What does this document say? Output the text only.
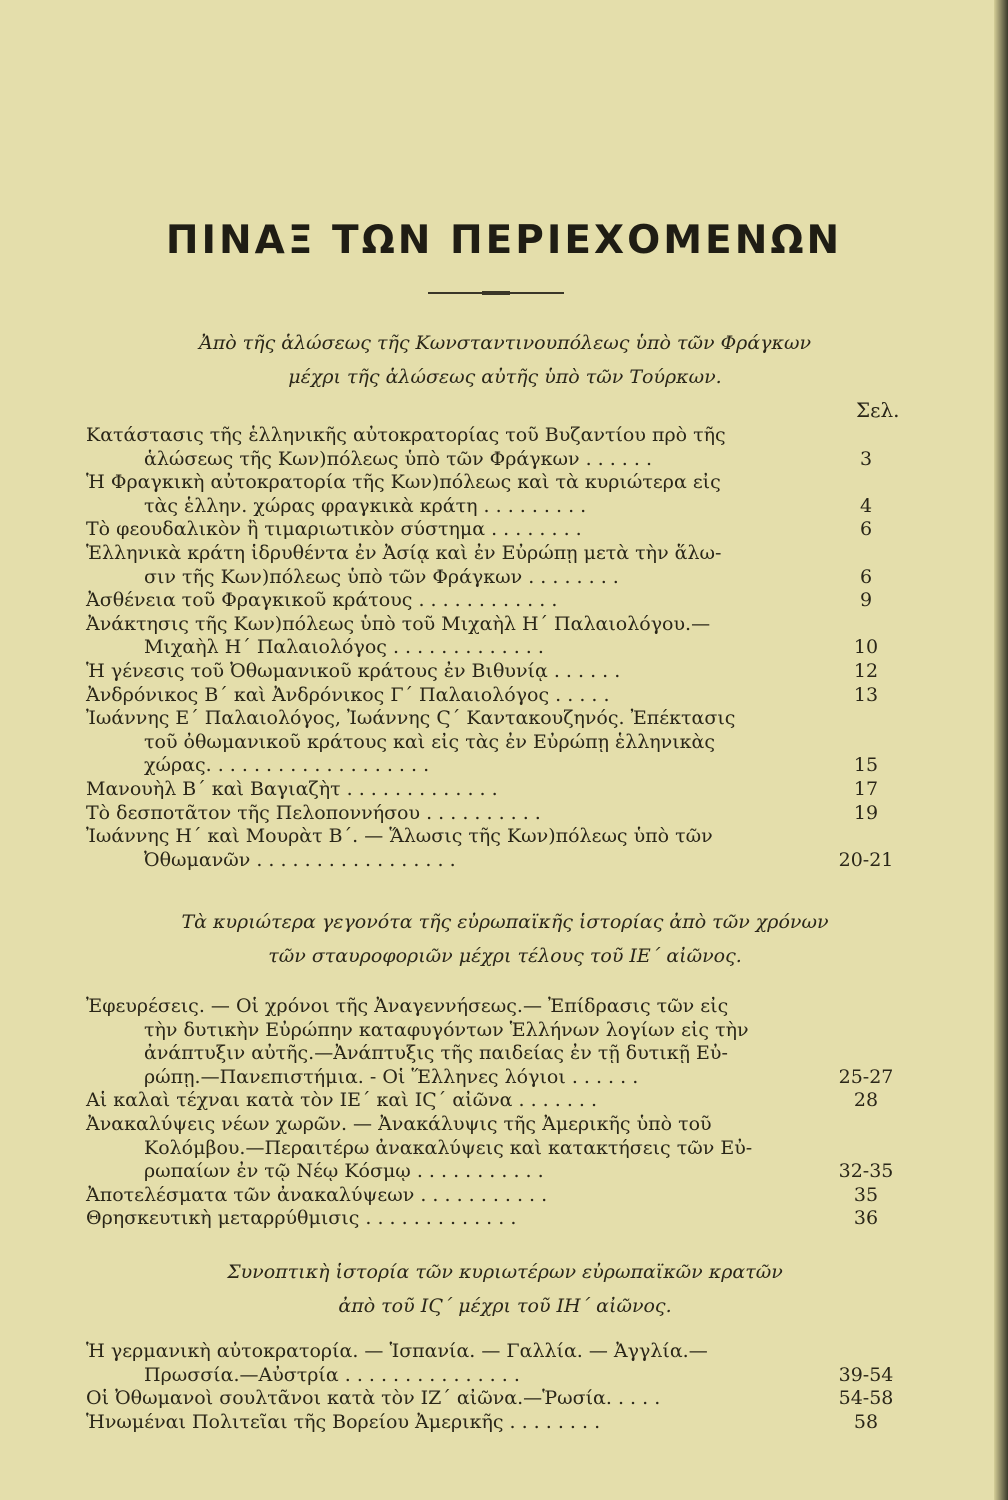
ΠΙΝΑΞ ΤΩΝ ΠΕΡΙΕΧΟΜΕΝΩΝ
Ἀπὸ τῆς ἁλώσεως τῆς Κωνσταντινουπόλεως ὑπὸ τῶν Φράγκων
μέχρι τῆς ἁλώσεως αὐτῆς ὑπὸ τῶν Τούρκων.
Σελ.
Κατάστασις τῆς ἑλληνικῆς αὐτοκρατορίας τοῦ Βυζαντίου πρὸ τῆς
ἁλώσεως τῆς Κων)πόλεως ὑπὸ τῶν Φράγκων . . . . . .	3
Ἡ Φραγκικὴ αὐτοκρατορία τῆς Κων)πόλεως καὶ τὰ κυριώτερα εἰς
τὰς ἑλλην. χώρας φραγκικὰ κράτη . . . . . . . . .	4
Τὸ φεουδαλικὸν ἢ τιμαριωτικὸν σύστημα . . . . . . . .	6
Ἑλληνικὰ κράτη ἱδρυθέντα ἐν Ἀσίᾳ καὶ ἐν Εὐρώπῃ μετὰ τὴν ἅλω-
σιν τῆς Κων)πόλεως ὑπὸ τῶν Φράγκων . . . . . . . .	6
Ἀσθένεια τοῦ Φραγκικοῦ κράτους . . . . . . . . . . . .	9
Ἀνάκτησις τῆς Κων)πόλεως ὑπὸ τοῦ Μιχαὴλ Η΄ Παλαιολόγου.—
Μιχαὴλ Η΄ Παλαιολόγος . . . . . . . . . . . . .	10
Ἡ γένεσις τοῦ Ὀθωμανικοῦ κράτους ἐν Βιθυνίᾳ . . . . . .	12
Ἀνδρόνικος Β΄ καὶ Ἀνδρόνικος Γ΄ Παλαιολόγος . . . . .	13
Ἰωάννης Ε΄ Παλαιολόγος, Ἰωάννης Ϛ΄ Καντακουζηνός. Ἐπέκτασις
τοῦ ὀθωμανικοῦ κράτους καὶ εἰς τὰς ἐν Εὐρώπῃ ἑλληνικὰς
χώρας. . . . . . . . . . . . . . . . . . .	15
Μανουὴλ Β΄ καὶ Βαγιαζὴτ . . . . . . . . . . . . .	17
Τὸ δεσποτᾶτον τῆς Πελοποννήσου . . . . . . . . . .	19
Ἰωάννης Η΄ καὶ Μουρὰτ Β΄. — Ἅλωσις τῆς Κων)πόλεως ὑπὸ τῶν
Ὀθωμανῶν . . . . . . . . . . . . . . . . .	20-21
Τὰ κυριώτερα γεγονότα τῆς εὐρωπαϊκῆς ἱστορίας ἀπὸ τῶν χρόνων
τῶν σταυροφοριῶν μέχρι τέλους τοῦ ΙΕ΄ αἰῶνος.
Ἐφευρέσεις. — Οἱ χρόνοι τῆς Ἀναγεννήσεως.— Ἐπίδρασις τῶν εἰς
τὴν δυτικὴν Εὐρώπην καταφυγόντων Ἑλλήνων λογίων εἰς τὴν
ἀνάπτυξιν αὐτῆς.—Ἀνάπτυξις τῆς παιδείας ἐν τῇ δυτικῇ Εὐ-
ρώπῃ.—Πανεπιστήμια. - Οἱ Ἕλληνες λόγιοι . . . . . .	25-27
Αἱ καλαὶ τέχναι κατὰ τὸν ΙΕ΄ καὶ ΙϚ΄ αἰῶνα . . . . . . .	28
Ἀνακαλύψεις νέων χωρῶν. — Ἀνακάλυψις τῆς Ἀμερικῆς ὑπὸ τοῦ
Κολόμβου.—Περαιτέρω ἀνακαλύψεις καὶ κατακτήσεις τῶν Εὐ-
ρωπαίων ἐν τῷ Νέῳ Κόσμῳ . . . . . . . . . . .	32-35
Ἀποτελέσματα τῶν ἀνακαλύψεων . . . . . . . . . . .	35
Θρησκευτικὴ μεταρρύθμισις . . . . . . . . . . . . .	36
Συνοπτικὴ ἱστορία τῶν κυριωτέρων εὐρωπαϊκῶν κρατῶν
ἀπὸ τοῦ ΙϚ΄ μέχρι τοῦ ΙΗ΄ αἰῶνος.
Ἡ γερμανικὴ αὐτοκρατορία. — Ἱσπανία. — Γαλλία. — Ἀγγλία.—
Πρωσσία.—Αὐστρία . . . . . . . . . . . . . . .	39-54
Οἱ Ὀθωμανοὶ σουλτᾶνοι κατὰ τὸν ΙΖ΄ αἰῶνα.—Ῥωσία. . . . .	54-58
Ἡνωμέναι Πολιτεῖαι τῆς Βορείου Ἀμερικῆς . . . . . . . .	58
